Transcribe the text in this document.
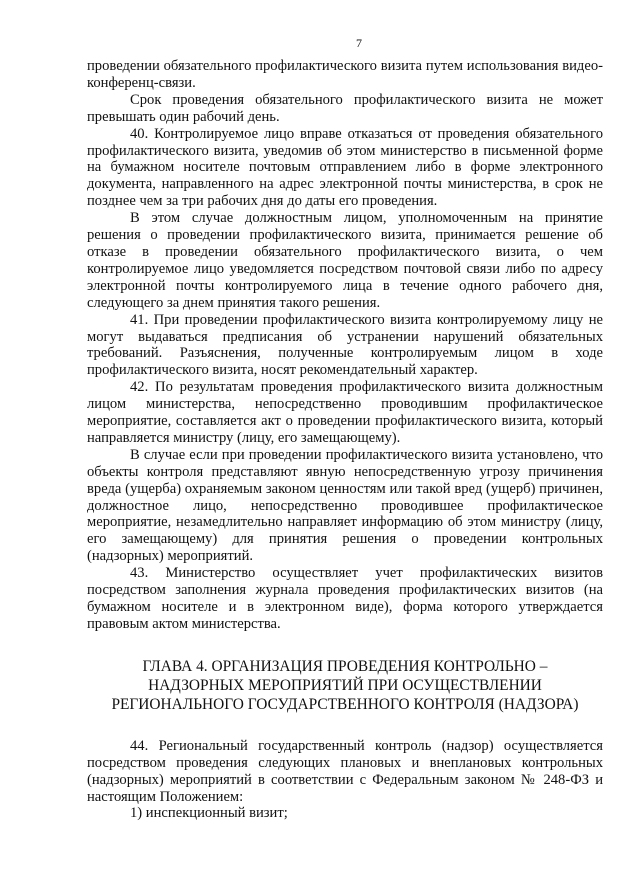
7

проведении обязательного профилактического визита путем использования видео-конференц-связи.

Срок проведения обязательного профилактического визита не может превышать один рабочий день.

40. Контролируемое лицо вправе отказаться от проведения обязательного профилактического визита, уведомив об этом министерство в письменной форме на бумажном носителе почтовым отправлением либо в форме электронного документа, направленного на адрес электронной почты министерства, в срок не позднее чем за три рабочих дня до даты его проведения.

В этом случае должностным лицом, уполномоченным на принятие решения о проведении профилактического визита, принимается решение об отказе в проведении обязательного профилактического визита, о чем контролируемое лицо уведомляется посредством почтовой связи либо по адресу электронной почты контролируемого лица в течение одного рабочего дня, следующего за днем принятия такого решения.

41. При проведении профилактического визита контролируемому лицу не могут выдаваться предписания об устранении нарушений обязательных требований. Разъяснения, полученные контролируемым лицом в ходе профилактического визита, носят рекомендательный характер.

42. По результатам проведения профилактического визита должностным лицом министерства, непосредственно проводившим профилактическое мероприятие, составляется акт о проведении профилактического визита, который направляется министру (лицу, его замещающему).

В случае если при проведении профилактического визита установлено, что объекты контроля представляют явную непосредственную угрозу причинения вреда (ущерба) охраняемым законом ценностям или такой вред (ущерб) причинен, должностное лицо, непосредственно проводившее профилактическое мероприятие, незамедлительно направляет информацию об этом министру (лицу, его замещающему) для принятия решения о проведении контрольных (надзорных) мероприятий.

43. Министерство осуществляет учет профилактических визитов посредством заполнения журнала проведения профилактических визитов (на бумажном носителе и в электронном виде), форма которого утверждается правовым актом министерства.

ГЛАВА 4. ОРГАНИЗАЦИЯ ПРОВЕДЕНИЯ КОНТРОЛЬНО –
НАДЗОРНЫХ МЕРОПРИЯТИЙ ПРИ ОСУЩЕСТВЛЕНИИ
РЕГИОНАЛЬНОГО ГОСУДАРСТВЕННОГО КОНТРОЛЯ (НАДЗОРА)

44. Региональный государственный контроль (надзор) осуществляется посредством проведения следующих плановых и внеплановых контрольных (надзорных) мероприятий в соответствии с Федеральным законом № 248-ФЗ и настоящим Положением:

1) инспекционный визит;
